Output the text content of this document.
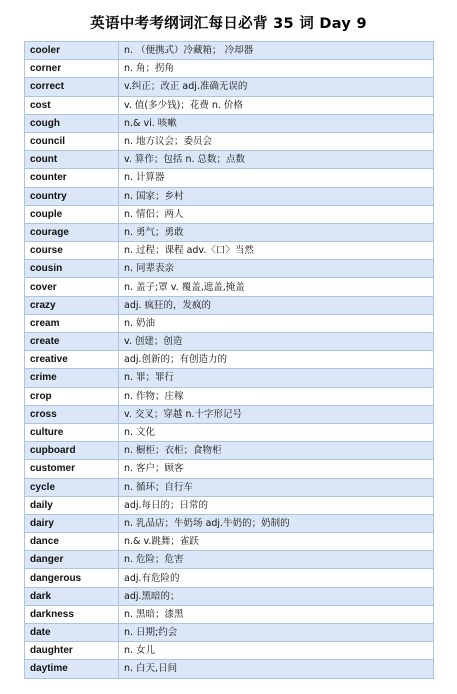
英语中考考纲词汇每日必背 35 词 Day 9
cooler	n. （便携式）冷藏箱； 冷却器
corner	n. 角；拐角
correct	v.纠正；改正 adj.准确无误的
cost	v. 值(多少钱)；花费 n. 价格
cough	n.& vi. 咳嗽
council	n. 地方议会；委员会
count	v. 算作；包括 n. 总数；点数
counter	n. 计算器
country	n. 国家；乡村
couple	n. 情侣；两人
courage	n. 勇气；勇敢
course	n. 过程；课程 adv.〈口〉当然
cousin	n. 同辈表亲
cover	n. 盖子;罩 v. 覆盖,遮盖,掩盖
crazy	adj. 疯狂的，发疯的
cream	n. 奶油
create	v. 创建；创造
creative	adj.创新的；有创造力的
crime	n. 罪；罪行
crop	n. 作物；庄稼
cross	v. 交叉；穿越 n.十字形记号
culture	n. 文化
cupboard	n. 橱柜；衣柜；食物柜
customer	n. 客户；顾客
cycle	n. 循环；自行车
daily	adj.每日的；日常的
dairy	n. 乳品店；牛奶场 adj.牛奶的；奶制的
dance	n.& v.跳舞；雀跃
danger	n. 危险；危害
dangerous	adj.有危险的
dark	adj.黑暗的；
darkness	n. 黑暗；漆黑
date	n. 日期;约会
daughter	n. 女儿
daytime	n. 白天,日间
